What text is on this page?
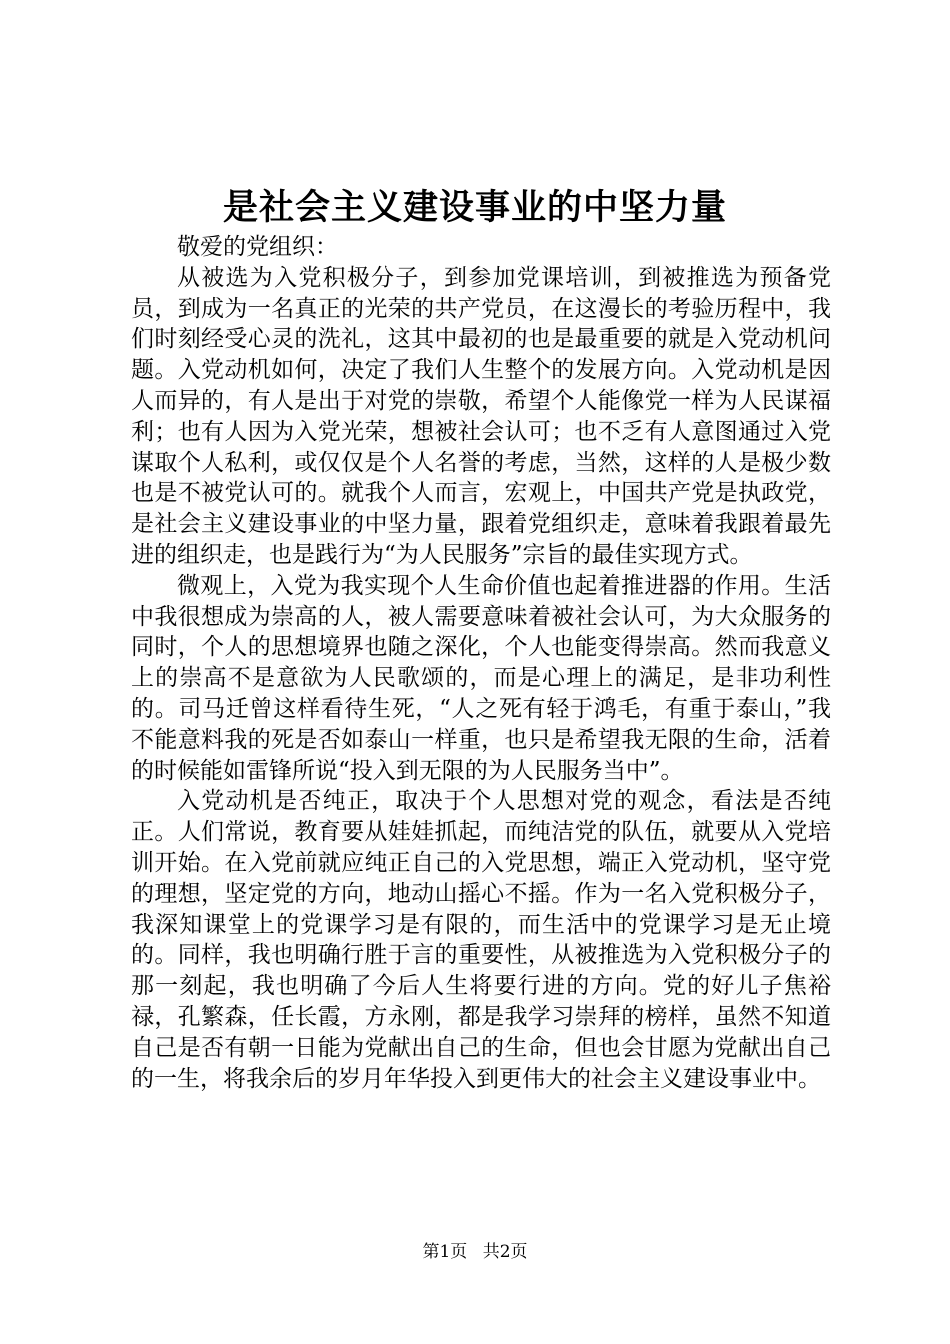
是社会主义建设事业的中坚力量

敬爱的党组织：

从被选为入党积极分子，到参加党课培训，到被推选为预备党员，到成为一名真正的光荣的共产党员，在这漫长的考验历程中，我们时刻经受心灵的洗礼，这其中最初的也是最重要的就是入党动机问题。入党动机如何，决定了我们人生整个的发展方向。入党动机是因人而异的，有人是出于对党的崇敬，希望个人能像党一样为人民谋福利；也有人因为入党光荣，想被社会认可；也不乏有人意图通过入党谋取个人私利，或仅仅是个人名誉的考虑，当然，这样的人是极少数也是不被党认可的。就我个人而言，宏观上，中国共产党是执政党，是社会主义建设事业的中坚力量，跟着党组织走，意味着我跟着最先进的组织走，也是践行为“为人民服务”宗旨的最佳实现方式。

微观上，入党为我实现个人生命价值也起着推进器的作用。生活中我很想成为崇高的人，被人需要意味着被社会认可，为大众服务的同时，个人的思想境界也随之深化，个人也能变得崇高。然而我意义上的崇高不是意欲为人民歌颂的，而是心理上的满足，是非功利性的。司马迁曾这样看待生死，“人之死有轻于鸿毛，有重于泰山，”我不能意料我的死是否如泰山一样重，也只是希望我无限的生命，活着的时候能如雷锋所说“投入到无限的为人民服务当中”。

入党动机是否纯正，取决于个人思想对党的观念，看法是否纯正。人们常说，教育要从娃娃抓起，而纯洁党的队伍，就要从入党培训开始。在入党前就应纯正自己的入党思想，端正入党动机，坚守党的理想，坚定党的方向，地动山摇心不摇。作为一名入党积极分子，我深知课堂上的党课学习是有限的，而生活中的党课学习是无止境的。同样，我也明确行胜于言的重要性，从被推选为入党积极分子的那一刻起，我也明确了今后人生将要行进的方向。党的好儿子焦裕禄，孔繁森，任长霞，方永刚，都是我学习崇拜的榜样，虽然不知道自己是否有朝一日能为党献出自己的生命，但也会甘愿为党献出自己的一生，将我余后的岁月年华投入到更伟大的社会主义建设事业中。

第1页 共2页
